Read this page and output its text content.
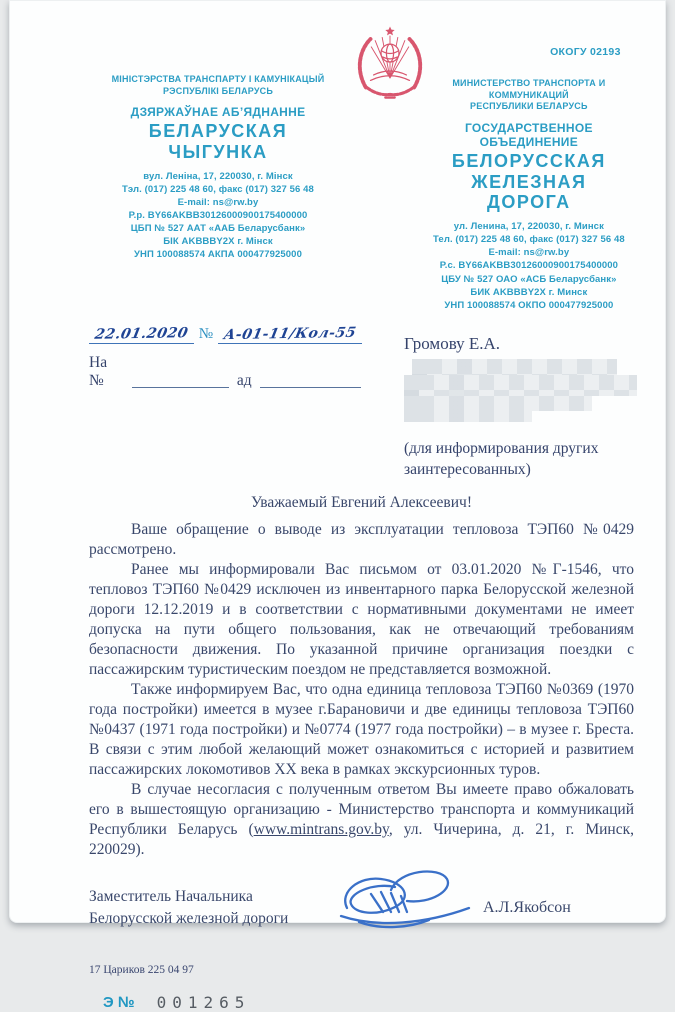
МІНІСТЭРСТВА ТРАНСПАРТУ І КАМУНІКАЦЫЙ
РЭСПУБЛІКІ БЕЛАРУСЬ
ДЗЯРЖАЎНАЕ АБ’ЯДНАННЕ
БЕЛАРУСКАЯ
ЧЫГУНКА
вул. Леніна, 17, 220030, г. Мінск
Тэл. (017) 225 48 60, факс (017) 327 56 48
E-mail: ns@rw.by
Р.р. BY66AKBB30126000900175400000
ЦБП № 527 ААТ «ААБ Беларусбанк»
БІК AKBBBY2X г. Мінск
УНП 100088574 АКПА 000477925000
ОКОГУ 02193
МИНИСТЕРСТВО ТРАНСПОРТА И КОММУНИКАЦИЙ
РЕСПУБЛИКИ БЕЛАРУСЬ
ГОСУДАРСТВЕННОЕ ОБЪЕДИНЕНИЕ
БЕЛОРУССКАЯ
ЖЕЛЕЗНАЯ ДОРОГА
ул. Ленина, 17, 220030, г. Минск
Тел. (017) 225 48 60, факс (017) 327 56 48
E-mail: ns@rw.by
Р.с. BY66AKBB30126000900175400000
ЦБУ № 527 ОАО «АСБ Беларусбанк»
БИК AKBBBY2X г. Минск
УНП 100088574 ОКПО 000477925000
22.01.2020 № А-01-11/Кол-55
На №	ад
Громову Е.А.
(для информирования других
заинтересованных)

Уважаемый Евгений Алексеевич!

Ваше обращение о выводе из эксплуатации тепловоза ТЭП60 №0429 рассмотрено.

Ранее мы информировали Вас письмом от 03.01.2020 №Г-1546, что тепловоз ТЭП60 №0429 исключен из инвентарного парка Белорусской железной дороги 12.12.2019 и в соответствии с нормативными документами не имеет допуска на пути общего пользования, как не отвечающий требованиям безопасности движения. По указанной причине организация поездки с пассажирским туристическим поездом не представляется возможной.

Также информируем Вас, что одна единица тепловоза ТЭП60 №0369 (1970 года постройки) имеется в музее г.Барановичи и две единицы тепловоза ТЭП60 №0437 (1971 года постройки) и №0774 (1977 года постройки) – в музее г. Бреста. В связи с этим любой желающий может ознакомиться с историей и развитием пассажирских локомотивов XX века в рамках экскурсионных туров.

В случае несогласия с полученным ответом Вы имеете право обжаловать его в вышестоящую организацию - Министерство транспорта и коммуникаций Республики Беларусь (www.mintrans.gov.by, ул. Чичерина, д. 21, г. Минск, 220029).

Заместитель Начальника
Белорусской железной дороги
А.Л.Якобсон
17 Цариков 225 04 97
Э № 001265
